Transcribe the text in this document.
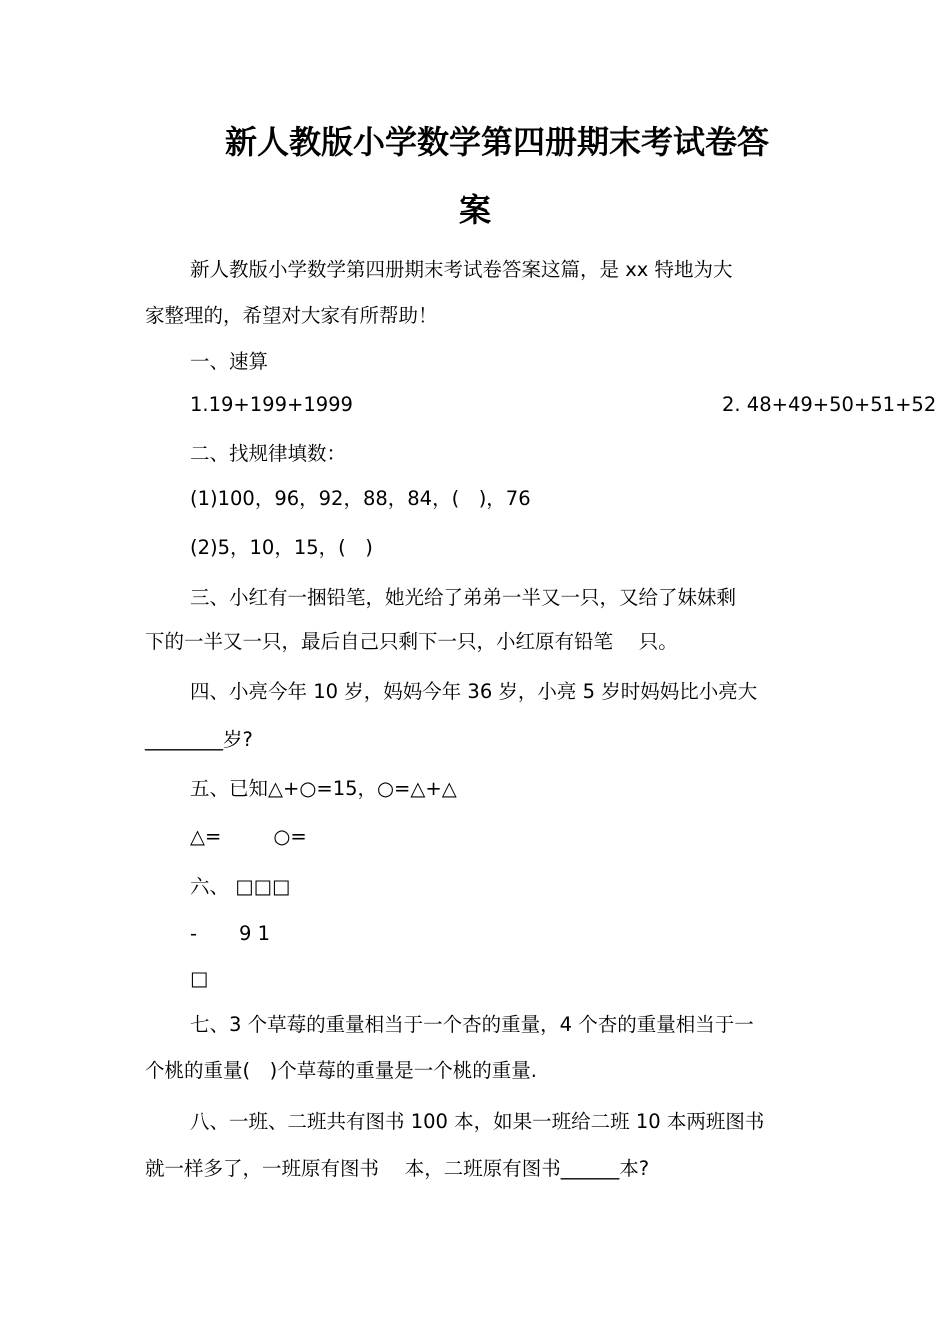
新人教版小学数学第四册期末考试卷答
案
新人教版小学数学第四册期末考试卷答案这篇，是 xx 特地为大
家整理的，希望对大家有所帮助！
一、速算
1.19+199+1999	2. 48+49+50+51+52
二、找规律填数：
(1)100，96，92，88，84，(　)，76
(2)5，10，15，(　)
三、小红有一捆铅笔，她光给了弟弟一半又一只，又给了妹妹剩
下的一半又一只，最后自己只剩下一只，小红原有铅笔　 只。
四、小亮今年 10 岁，妈妈今年 36 岁，小亮 5 岁时妈妈比小亮大
________岁?
五、已知△+○=15，○=△+△
△=	○=
六、 □□□
- 9 1
□
七、3 个草莓的重量相当于一个杏的重量，4 个杏的重量相当于一
个桃的重量(　)个草莓的重量是一个桃的重量.
八、一班、二班共有图书 100 本，如果一班给二班 10 本两班图书
就一样多了，一班原有图书　 本，二班原有图书______本?
